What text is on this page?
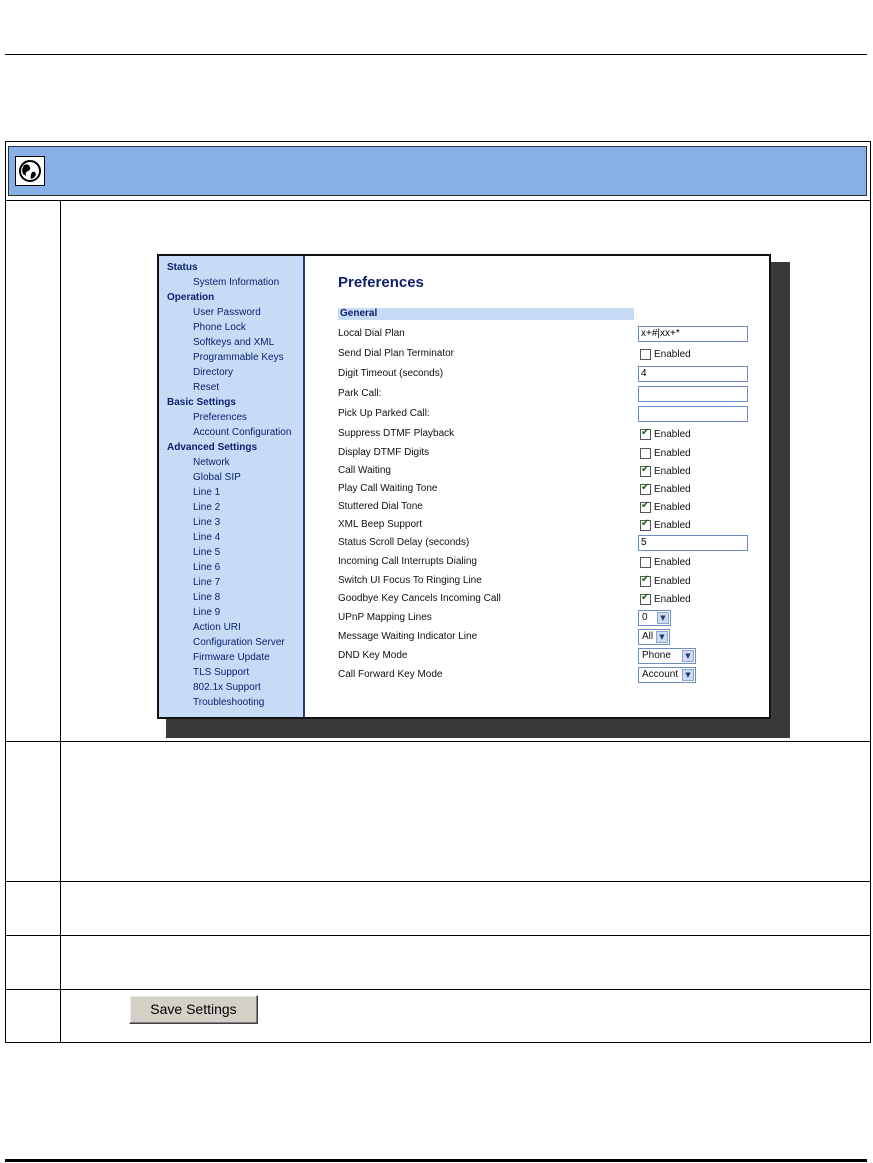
Status
System Information
Operation
User Password
Phone Lock
Softkeys and XML
Programmable Keys
Directory
Reset
Basic Settings
Preferences
Account Configuration
Advanced Settings
Network
Global SIP
Line 1
Line 2
Line 3
Line 4
Line 5
Line 6
Line 7
Line 8
Line 9
Action URI
Configuration Server
Firmware Update
TLS Support
802.1x Support
Troubleshooting
Preferences
General
Local Dial Plan	x+#|xx+*
Send Dial Plan Terminator	Enabled
Digit Timeout (seconds)	4
Park Call:
Pick Up Parked Call:
Suppress DTMF Playback ✔	Enabled
Display DTMF Digits	Enabled
Call Waiting ✔	Enabled
Play Call Waiting Tone ✔	Enabled
Stuttered Dial Tone ✔	Enabled
XML Beep Support ✔	Enabled
Status Scroll Delay (seconds)	5
Incoming Call Interrupts Dialing	Enabled
Switch UI Focus To Ringing Line ✔	Enabled
Goodbye Key Cancels Incoming Call ✔	Enabled
UPnP Mapping Lines	0	▼
Message Waiting Indicator Line	All ▼
DND Key Mode	Phone	▼
Call Forward Key Mode	Account	▼
Save Settings
